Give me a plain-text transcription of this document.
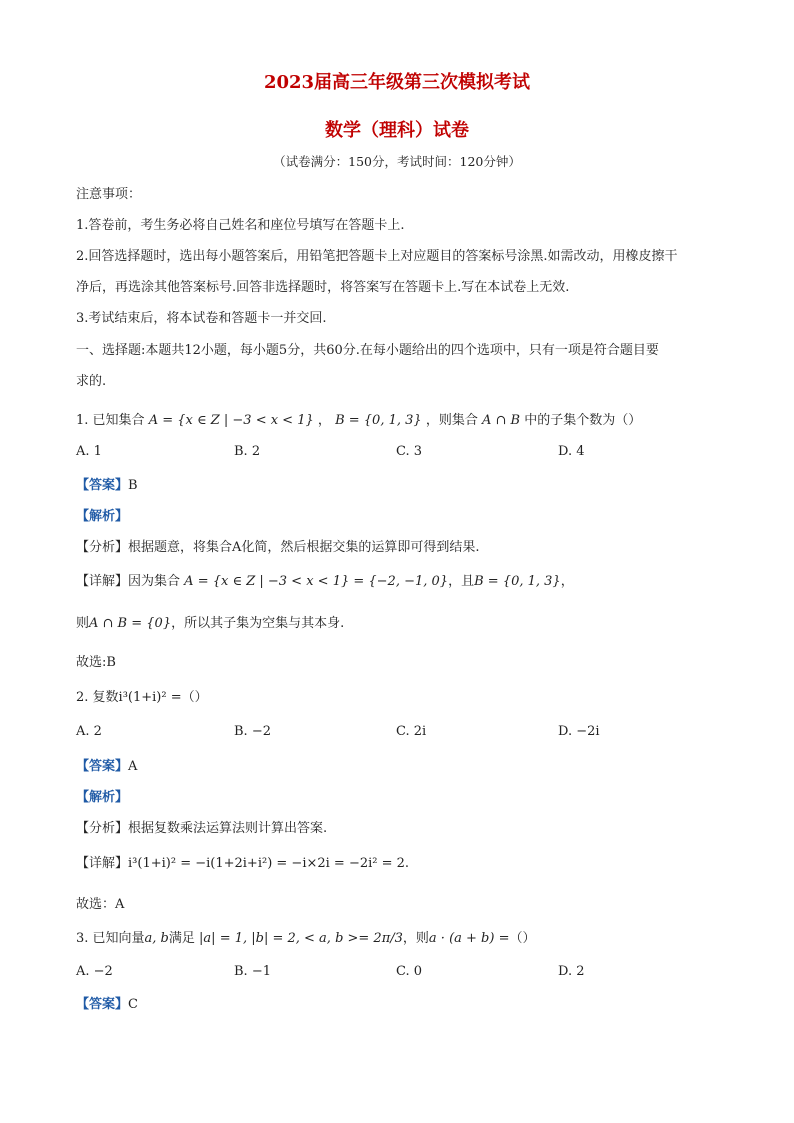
2023届高三年级第三次模拟考试
数学（理科）试卷
（试卷满分：150分，考试时间：120分钟）
注意事项：
1.答卷前，考生务必将自己姓名和座位号填写在答题卡上.
2.回答选择题时，选出每小题答案后，用铅笔把答题卡上对应题目的答案标号涂黑.如需改动，用橡皮擦干
净后，再选涂其他答案标号.回答非选择题时，将答案写在答题卡上.写在本试卷上无效.
3.考试结束后，将本试卷和答题卡一并交回.
一、选择题:本题共12小题，每小题5分，共60分.在每小题给出的四个选项中，只有一项是符合题目要
求的.
1. 已知集合 A = {x ∈ Z | −3 < x < 1} ， B = {0, 1, 3} ，则集合 A ∩ B 中的子集个数为（）
A. 1	B. 2	C. 3	D. 4
【答案】B
【解析】
【分析】根据题意，将集合A化简，然后根据交集的运算即可得到结果.
【详解】因为集合 A = {x ∈ Z | −3 < x < 1} = {−2, −1, 0}，且B = {0, 1, 3}，
则A ∩ B = {0}，所以其子集为空集与其本身.
故选:B
2. 复数i³(1+i)² =（）
A. 2	B. −2	C. 2i	D. −2i
【答案】A
【解析】
【分析】根据复数乘法运算法则计算出答案.
【详解】i³(1+i)² = −i(1+2i+i²) = −i×2i = −2i² = 2.
故选：A
3. 已知向量a, b满足 |a| = 1, |b| = 2, < a, b >= 2π/3，则a · (a + b) =（）
A. −2	B. −1	C. 0	D. 2
【答案】C
